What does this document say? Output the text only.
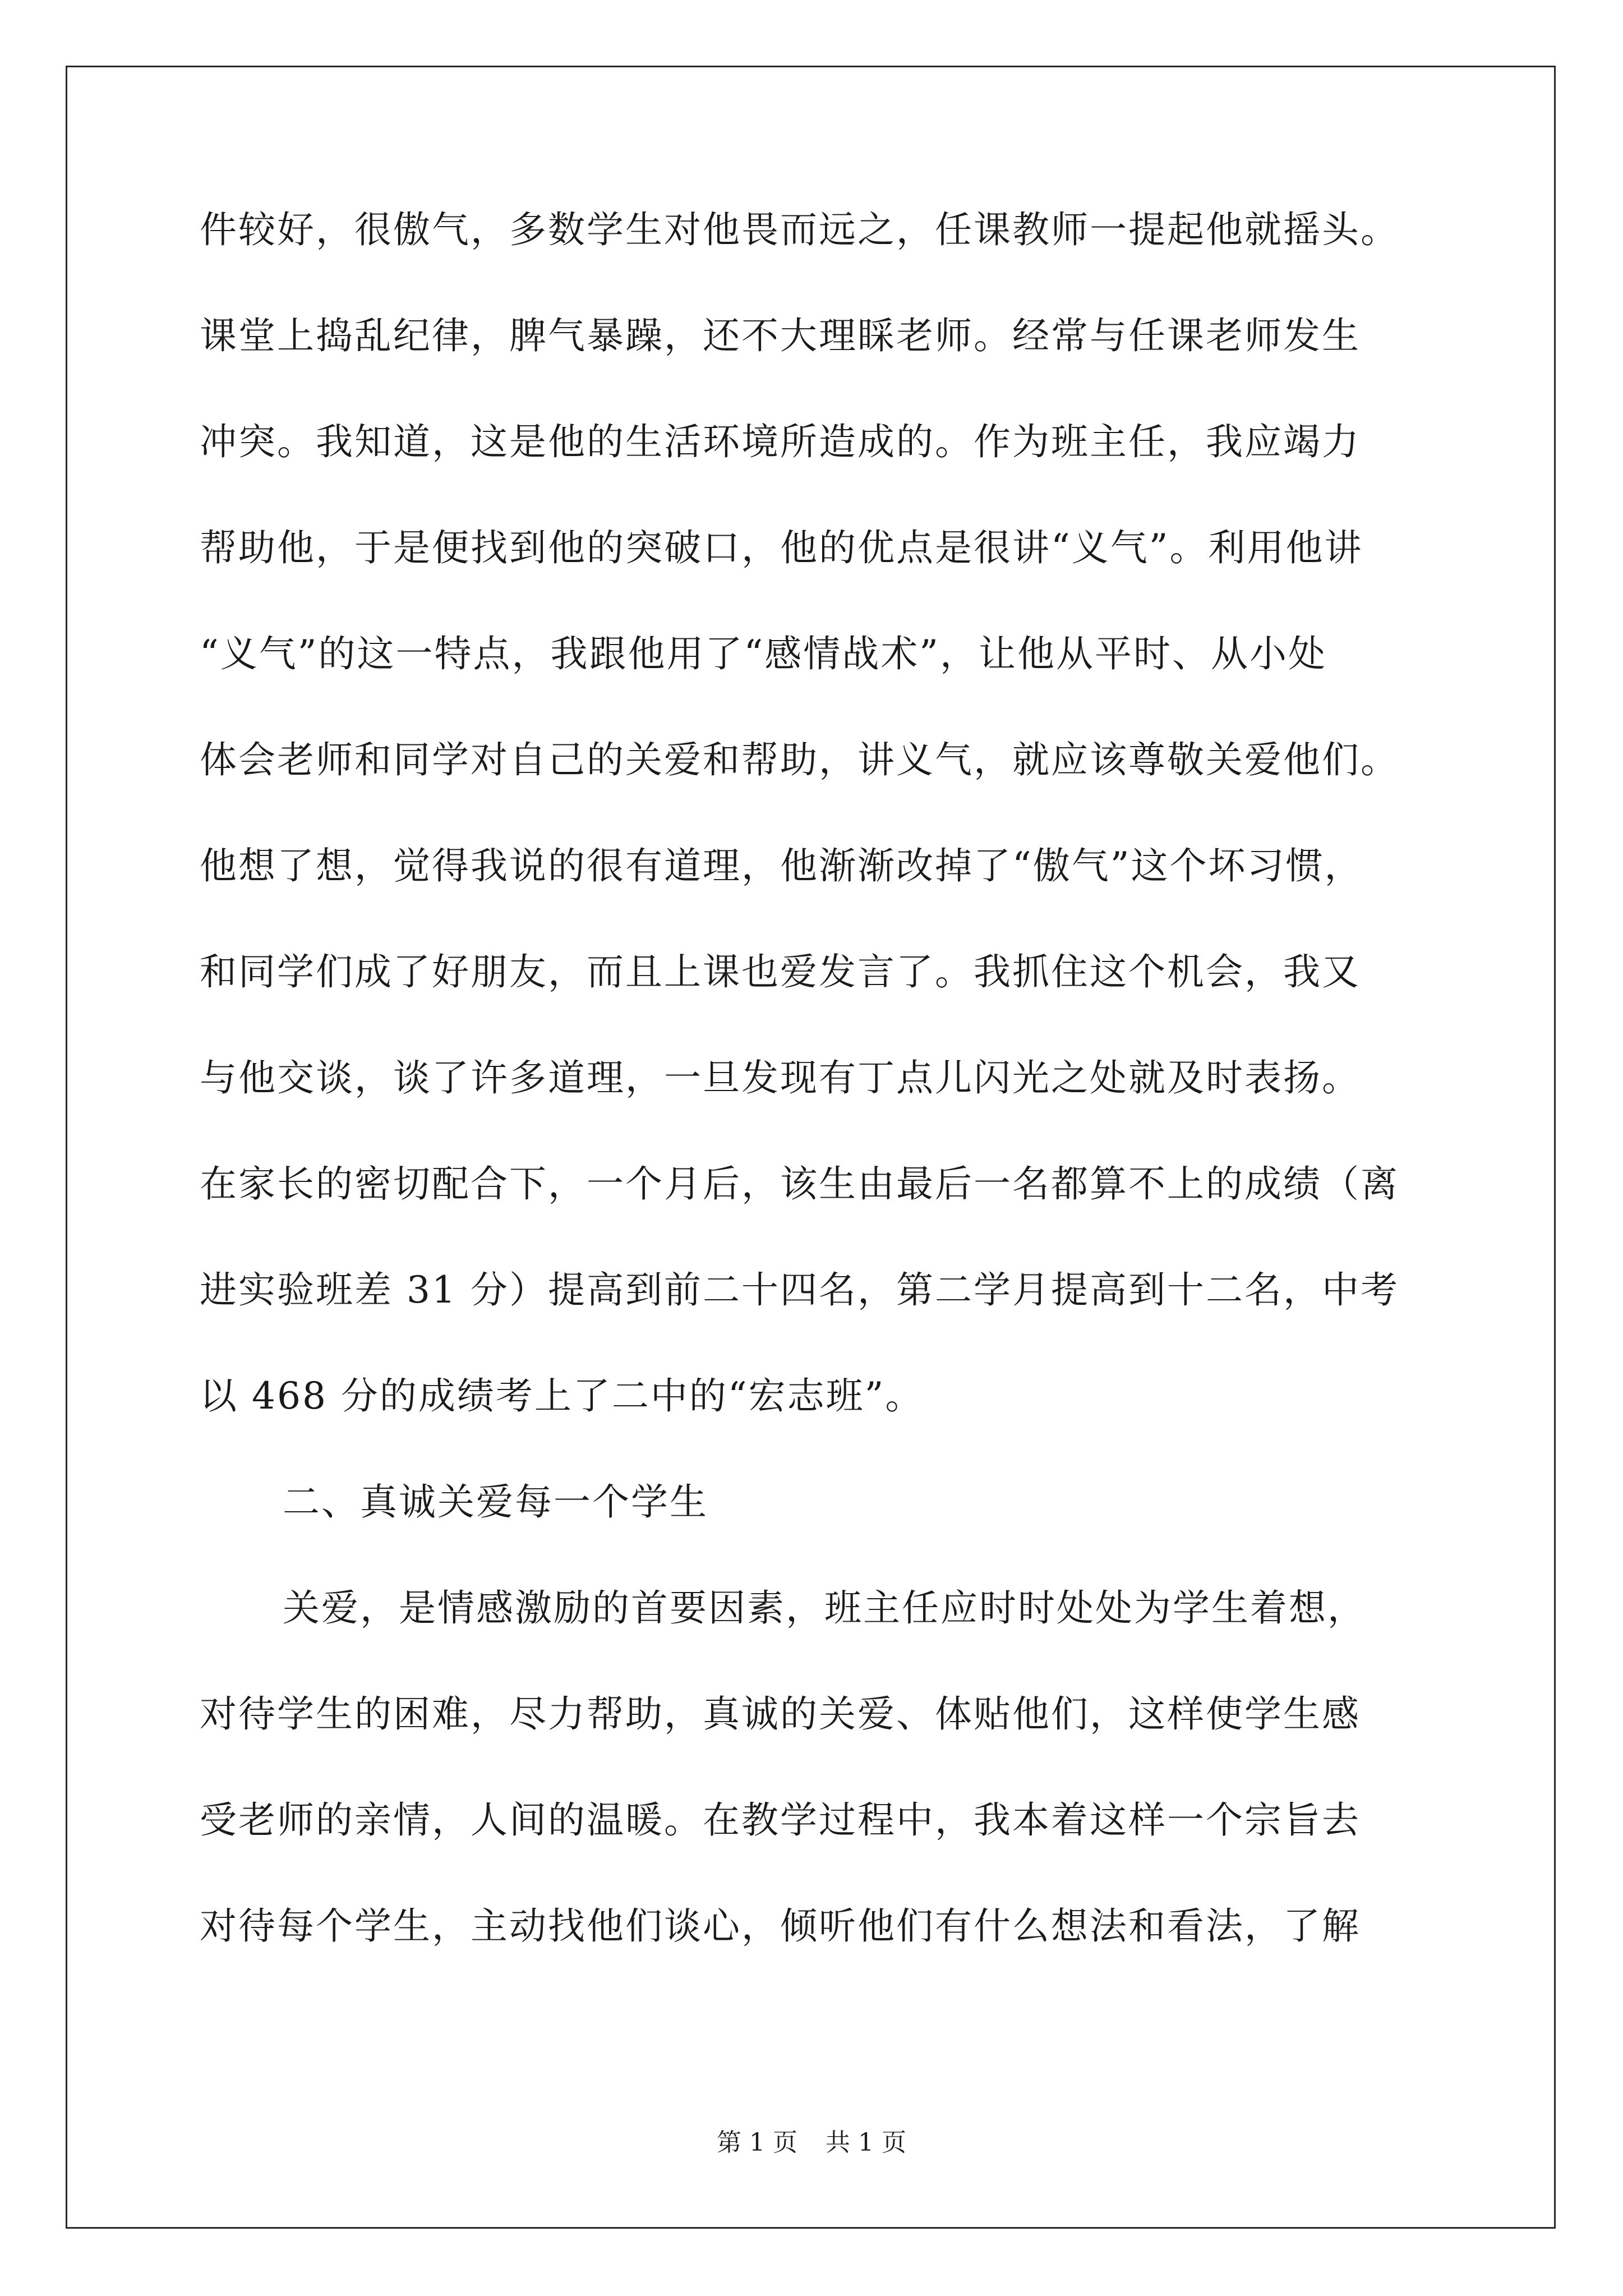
件较好，很傲气，多数学生对他畏而远之，任课教师一提起他就摇头。
课堂上捣乱纪律，脾气暴躁，还不大理睬老师。经常与任课老师发生
冲突。我知道，这是他的生活环境所造成的。作为班主任，我应竭力
帮助他，于是便找到他的突破口，他的优点是很讲“义气”。利用他讲
“义气”的这一特点，我跟他用了“感情战术”，让他从平时、从小处
体会老师和同学对自己的关爱和帮助，讲义气，就应该尊敬关爱他们。
他想了想，觉得我说的很有道理，他渐渐改掉了“傲气”这个坏习惯，
和同学们成了好朋友，而且上课也爱发言了。我抓住这个机会，我又
与他交谈，谈了许多道理，一旦发现有丁点儿闪光之处就及时表扬。
在家长的密切配合下，一个月后，该生由最后一名都算不上的成绩（离
进实验班差 31 分）提高到前二十四名，第二学月提高到十二名，中考
以 468 分的成绩考上了二中的“宏志班”。
二、真诚关爱每一个学生
关爱，是情感激励的首要因素，班主任应时时处处为学生着想，
对待学生的困难，尽力帮助，真诚的关爱、体贴他们，这样使学生感
受老师的亲情，人间的温暖。在教学过程中，我本着这样一个宗旨去
对待每个学生，主动找他们谈心，倾听他们有什么想法和看法，了解
第 1 页 共 1 页
